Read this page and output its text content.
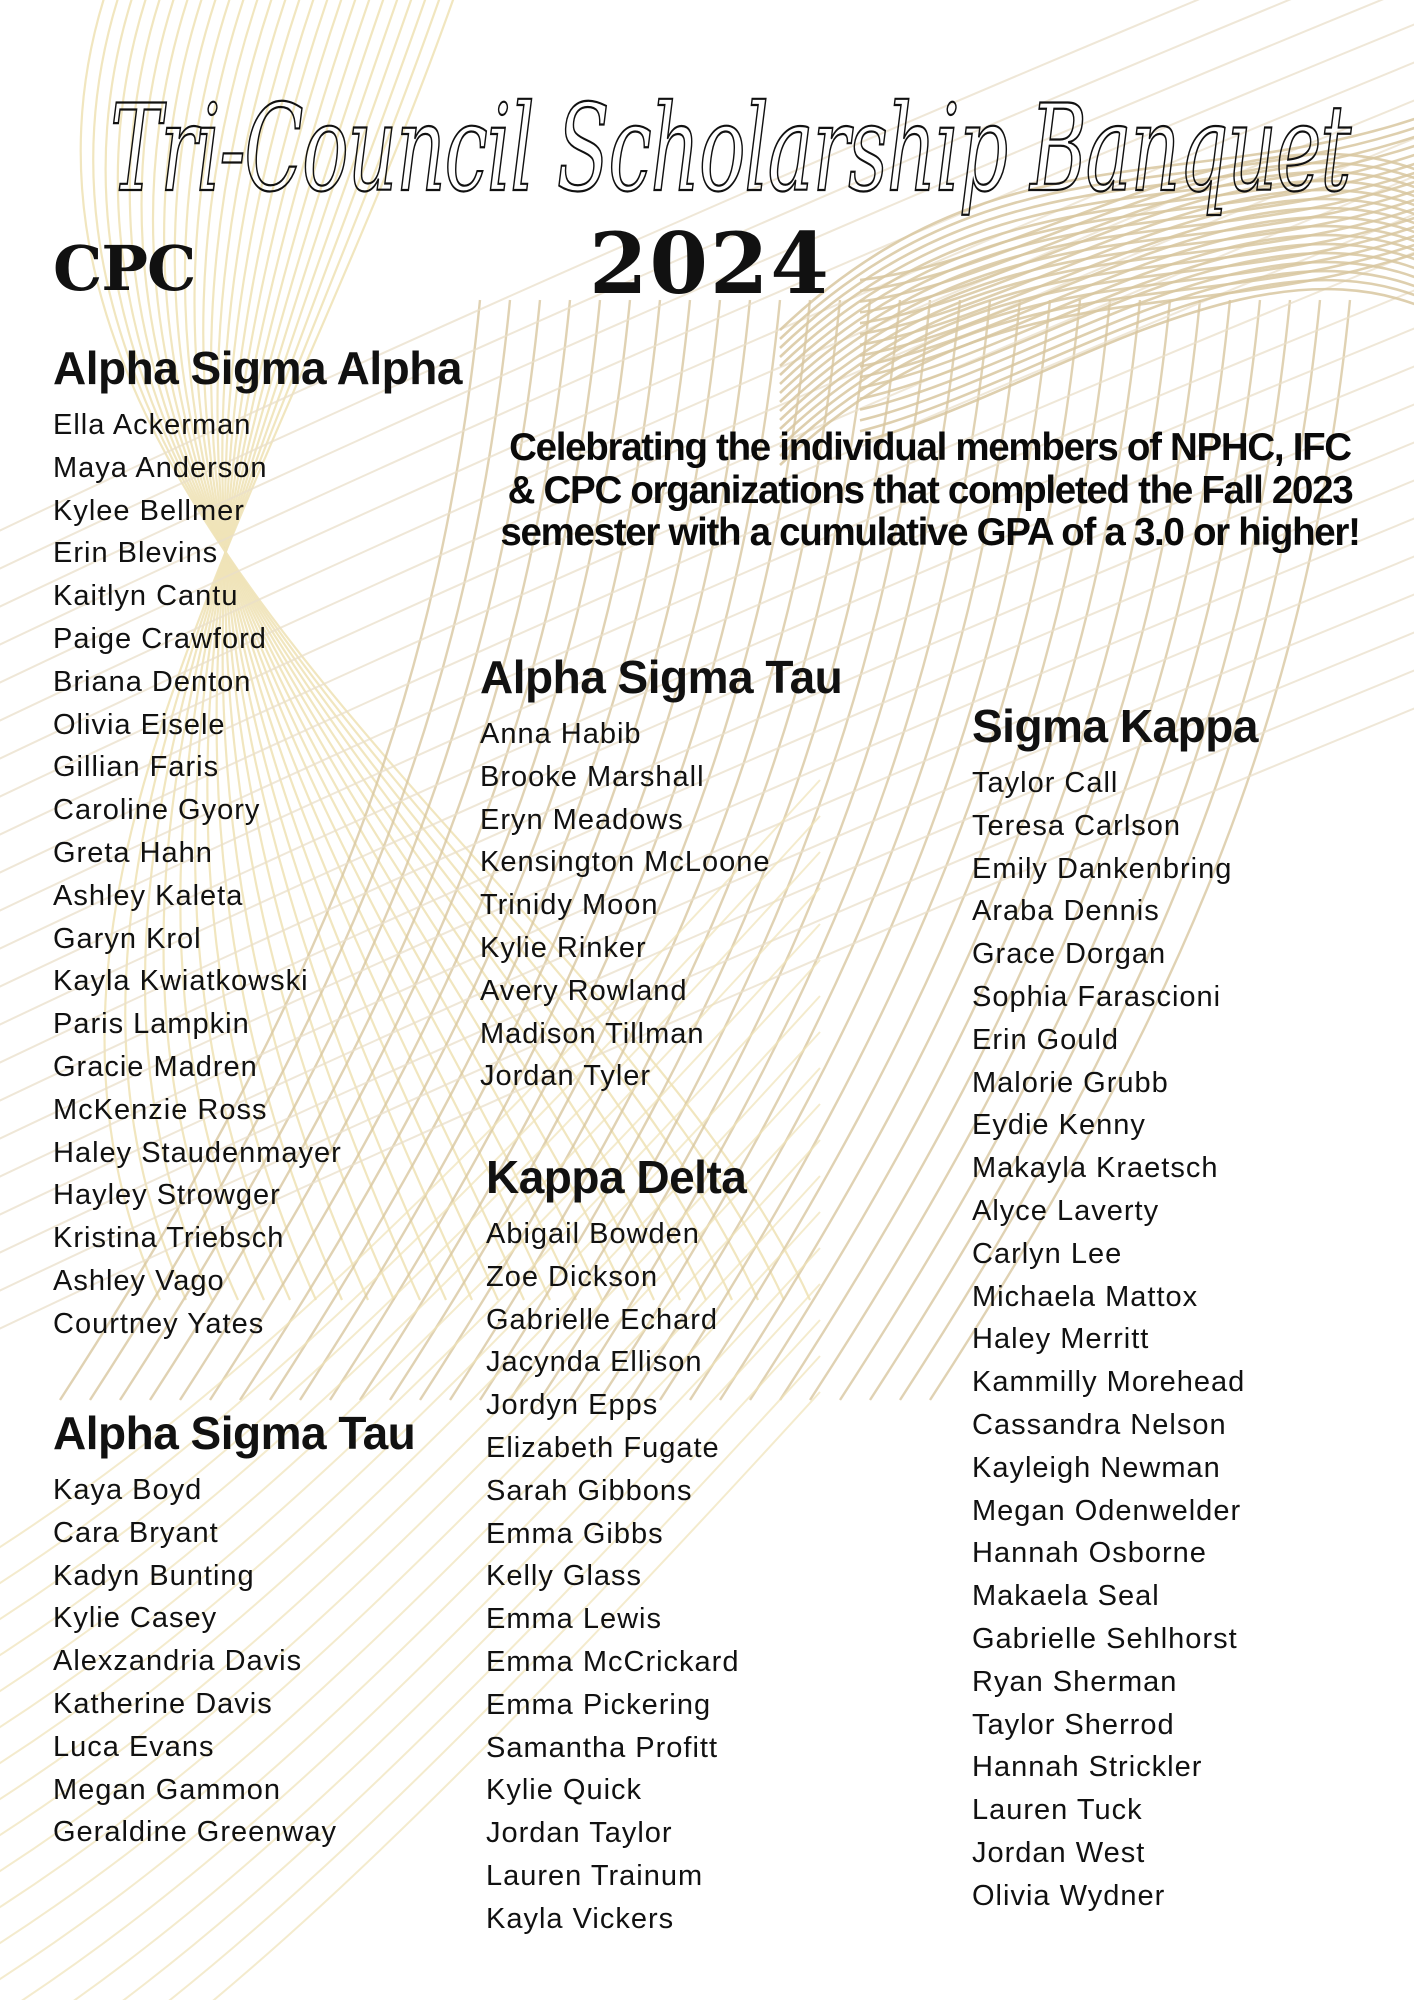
Tri-Council Scholarship Banquet
2024
CPC
Celebrating the individual members of NPHC, IFC & CPC organizations that completed the Fall 2023 semester with a cumulative GPA of a 3.0 or higher!
Alpha Sigma Alpha
Ella Ackerman
Maya Anderson
Kylee Bellmer
Erin Blevins
Kaitlyn Cantu
Paige Crawford
Briana Denton
Olivia Eisele
Gillian Faris
Caroline Gyory
Greta Hahn
Ashley Kaleta
Garyn Krol
Kayla Kwiatkowski
Paris Lampkin
Gracie Madren
McKenzie Ross
Haley Staudenmayer
Hayley Strowger
Kristina Triebsch
Ashley Vago
Courtney Yates
Alpha Sigma Tau
Kaya Boyd
Cara Bryant
Kadyn Bunting
Kylie Casey
Alexzandria Davis
Katherine Davis
Luca Evans
Megan Gammon
Geraldine Greenway
Alpha Sigma Tau
Anna Habib
Brooke Marshall
Eryn Meadows
Kensington McLoone
Trinidy Moon
Kylie Rinker
Avery Rowland
Madison Tillman
Jordan Tyler
Kappa Delta
Abigail Bowden
Zoe Dickson
Gabrielle Echard
Jacynda Ellison
Jordyn Epps
Elizabeth Fugate
Sarah Gibbons
Emma Gibbs
Kelly Glass
Emma Lewis
Emma McCrickard
Emma Pickering
Samantha Profitt
Kylie Quick
Jordan Taylor
Lauren Trainum
Kayla Vickers
Sigma Kappa
Taylor Call
Teresa Carlson
Emily Dankenbring
Araba Dennis
Grace Dorgan
Sophia Farascioni
Erin Gould
Malorie Grubb
Eydie Kenny
Makayla Kraetsch
Alyce Laverty
Carlyn Lee
Michaela Mattox
Haley Merritt
Kammilly Morehead
Cassandra Nelson
Kayleigh Newman
Megan Odenwelder
Hannah Osborne
Makaela Seal
Gabrielle Sehlhorst
Ryan Sherman
Taylor Sherrod
Hannah Strickler
Lauren Tuck
Jordan West
Olivia Wydner
